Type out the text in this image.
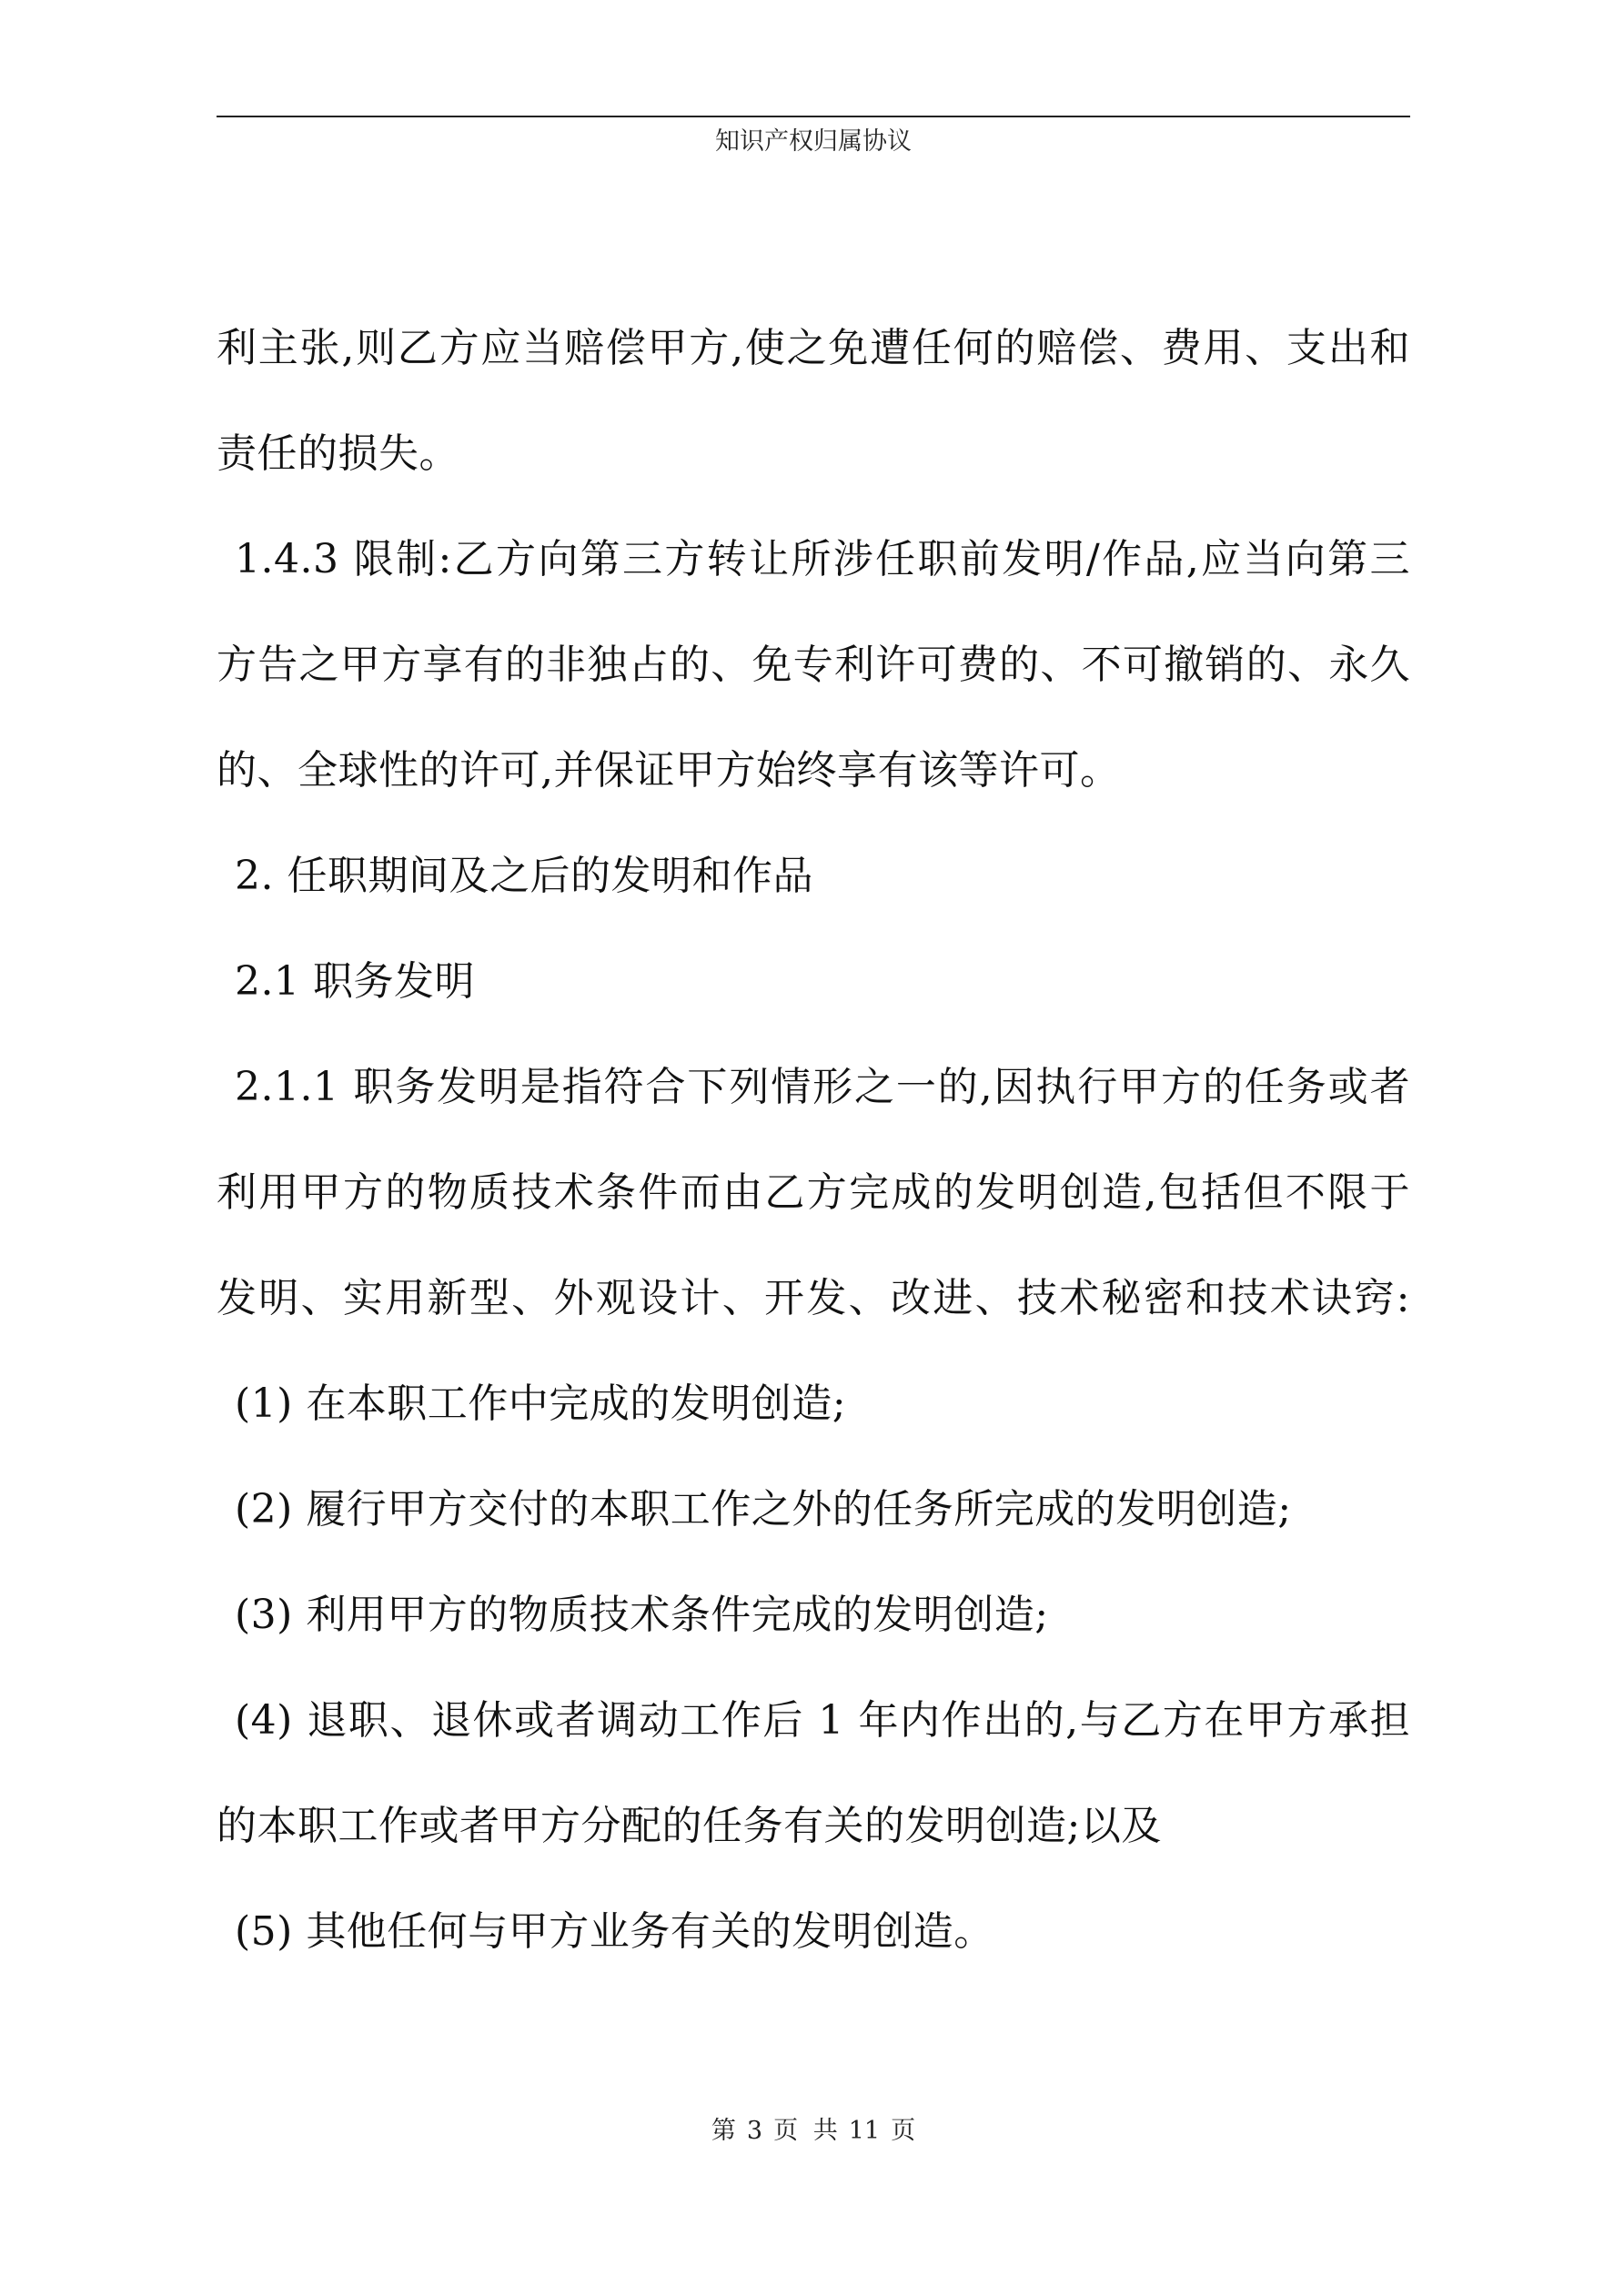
知识产权归属协议
利主张,则乙方应当赔偿甲方,使之免遭任何的赔偿、费用、支出和
责任的损失。
1.4.3 限制:乙方向第三方转让所涉任职前发明/作品,应当向第三
方告之甲方享有的非独占的、免专利许可费的、不可撤销的、永久
的、全球性的许可,并保证甲方始终享有该等许可。
2. 任职期间及之后的发明和作品
2.1 职务发明
2.1.1 职务发明是指符合下列情形之一的,因执行甲方的任务或者
利用甲方的物质技术条件而由乙方完成的发明创造,包括但不限于
发明、实用新型、外观设计、开发、改进、技术秘密和技术诀窍:
(1) 在本职工作中完成的发明创造;
(2) 履行甲方交付的本职工作之外的任务所完成的发明创造;
(3) 利用甲方的物质技术条件完成的发明创造;
(4) 退职、退休或者调动工作后 1 年内作出的,与乙方在甲方承担
的本职工作或者甲方分配的任务有关的发明创造;以及
(5) 其他任何与甲方业务有关的发明创造。
第 3 页 共 11 页
